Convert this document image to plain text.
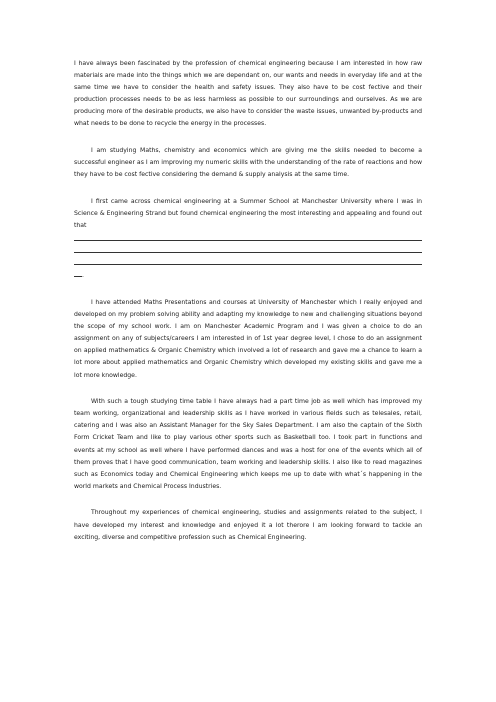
I have always been fascinated by the profession of chemical engineering because I am interested in how raw materials are made into the things which we are dependant on, our wants and needs in everyday life and at the same time we have to consider the health and safety issues. They also have to be cost fective and their production processes needs to be as less harmless as possible to our surroundings and ourselves. As we are producing more of the desirable products, we also have to consider the waste issues, unwanted by-products and what needs to be done to recycle the energy in the processes.

I am studying Maths, chemistry and economics which are giving me the skills needed to become a successful engineer as I am improving my numeric skills with the understanding of the rate of reactions and how they have to be cost fective considering the demand & supply analysis at the same time.

I first came across chemical engineering at a Summer School at Manchester University where I was in Science & Engineering Strand but found chemical engineering the most interesting and appealing and found out that

.

I have attended Maths Presentations and courses at University of Manchester which I really enjoyed and developed on my problem solving ability and adapting my knowledge to new and challenging situations beyond the scope of my school work. I am on Manchester Academic Program and I was given a choice to do an assignment on any of subjects/careers I am interested in of 1st year degree level, I chose to do an assignment on applied mathematics & Organic Chemistry which involved a lot of research and gave me a chance to learn a lot more about applied mathematics and Organic Chemistry which developed my existing skills and gave me a lot more knowledge.

With such a tough studying time table I have always had a part time job as well which has improved my team working, organizational and leadership skills as I have worked in various fields such as telesales, retail, catering and I was also an Assistant Manager for the Sky Sales Department. I am also the captain of the Sixth Form Cricket Team and like to play various other sports such as Basketball too. I took part in functions and events at my school as well where I have performed dances and was a host for one of the events which all of them proves that I have good communication, team working and leadership skills. I also like to read magazines such as Economics today and Chemical Engineering which keeps me up to date with what´s happening in the world markets and Chemical Process Industries.

Throughout my experiences of chemical engineering, studies and assignments related to the subject, I have developed my interest and knowledge and enjoyed it a lot therore I am looking forward to tackle an exciting, diverse and competitive profession such as Chemical Engineering.
